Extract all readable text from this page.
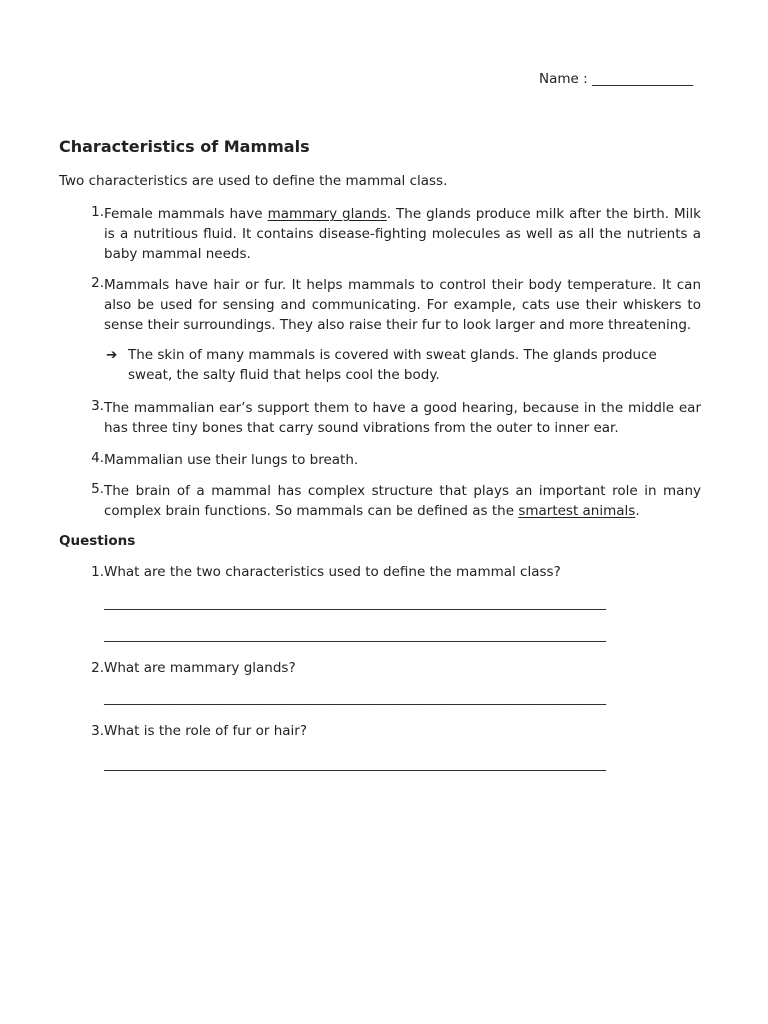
Name : _______________
Characteristics of Mammals

Two characteristics are used to define the mammal class.

1. Female mammals have mammary glands. The glands produce milk after the birth. Milk is a nutritious fluid. It contains disease-fighting molecules as well as all the nutrients a baby mammal needs.
2. Mammals have hair or fur. It helps mammals to control their body temperature. It can also be used for sensing and communicating. For example, cats use their whiskers to sense their surroundings. They also raise their fur to look larger and more threatening.
3. The mammalian ear’s support them to have a good hearing, because in the middle ear has three tiny bones that carry sound vibrations from the outer to inner ear.
4. Mammalian use their lungs to breath.
5. The brain of a mammal has complex structure that plays an important role in many complex brain functions. So mammals can be defined as the smartest animals.
➔ The skin of many mammals is covered with sweat glands. The glands produce sweat, the salty fluid that helps cool the body.
Questions
1. What are the two characteristics used to define the mammal class?
2. What are mammary glands?
3. What is the role of fur or hair?
_____________________________________________________________________________________
_____________________________________________________________________________________
_____________________________________________________________________________________
_____________________________________________________________________________________
